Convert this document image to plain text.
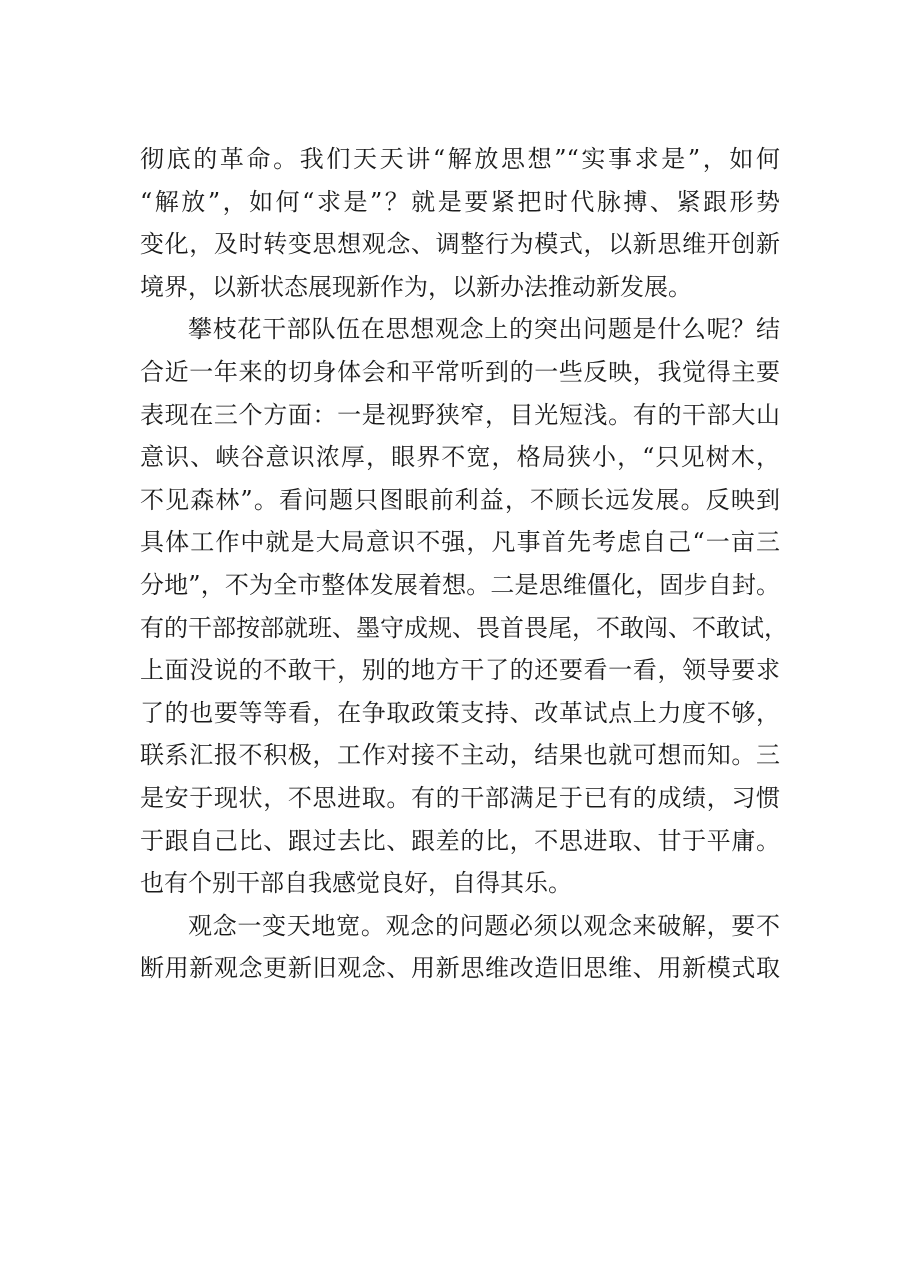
彻底的革命。我们天天讲“解放思想”“实事求是”，如何
“解放”，如何“求是”？就是要紧把时代脉搏、紧跟形势
变化，及时转变思想观念、调整行为模式，以新思维开创新
境界，以新状态展现新作为，以新办法推动新发展。
攀枝花干部队伍在思想观念上的突出问题是什么呢？结
合近一年来的切身体会和平常听到的一些反映，我觉得主要
表现在三个方面：一是视野狭窄，目光短浅。有的干部大山
意识、峡谷意识浓厚，眼界不宽，格局狭小，“只见树木，
不见森林”。看问题只图眼前利益，不顾长远发展。反映到
具体工作中就是大局意识不强，凡事首先考虑自己“一亩三
分地”，不为全市整体发展着想。二是思维僵化，固步自封。
有的干部按部就班、墨守成规、畏首畏尾，不敢闯、不敢试，
上面没说的不敢干，别的地方干了的还要看一看，领导要求
了的也要等等看，在争取政策支持、改革试点上力度不够，
联系汇报不积极，工作对接不主动，结果也就可想而知。三
是安于现状，不思进取。有的干部满足于已有的成绩，习惯
于跟自己比、跟过去比、跟差的比，不思进取、甘于平庸。
也有个别干部自我感觉良好，自得其乐。
观念一变天地宽。观念的问题必须以观念来破解，要不
断用新观念更新旧观念、用新思维改造旧思维、用新模式取
